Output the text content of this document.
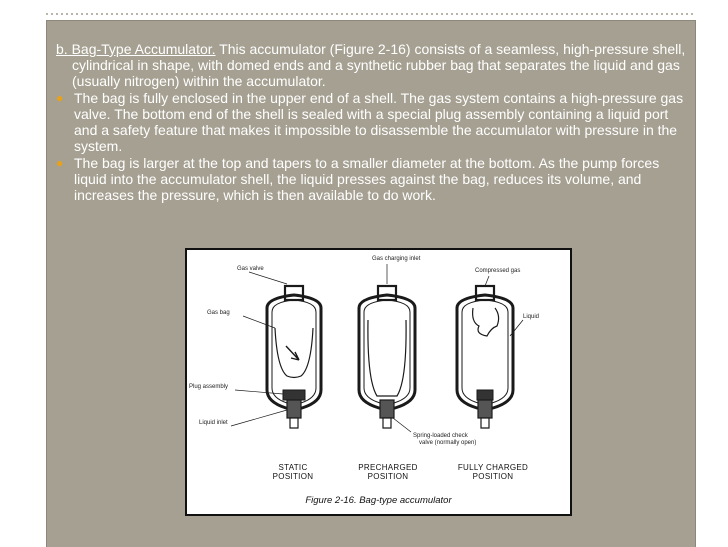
b. Bag-Type Accumulator. This accumulator (Figure 2-16) consists of a seamless, high-pressure shell, cylindrical in shape, with domed ends and a synthetic rubber bag that separates the liquid and gas (usually nitrogen) within the accumulator.

● The bag is fully enclosed in the upper end of a shell. The gas system contains a high-pressure gas valve. The bottom end of the shell is sealed with a special plug assembly containing a liquid port and a safety feature that makes it impossible to disassemble the accumulator with pressure in the system.

● The bag is larger at the top and tapers to a smaller diameter at the bottom. As the pump forces liquid into the accumulator shell, the liquid presses against the bag, reduces its volume, and increases the pressure, which is then available to do work.

Gas valve
Gas bag
Plug assembly
Liquid inlet
Gas charging inlet
Spring-loaded check
valve (normally open)
Compressed gas
Liquid
STATIC
POSITION
PRECHARGED
POSITION
FULLY CHARGED
POSITION
Figure 2-16. Bag-type accumulator
